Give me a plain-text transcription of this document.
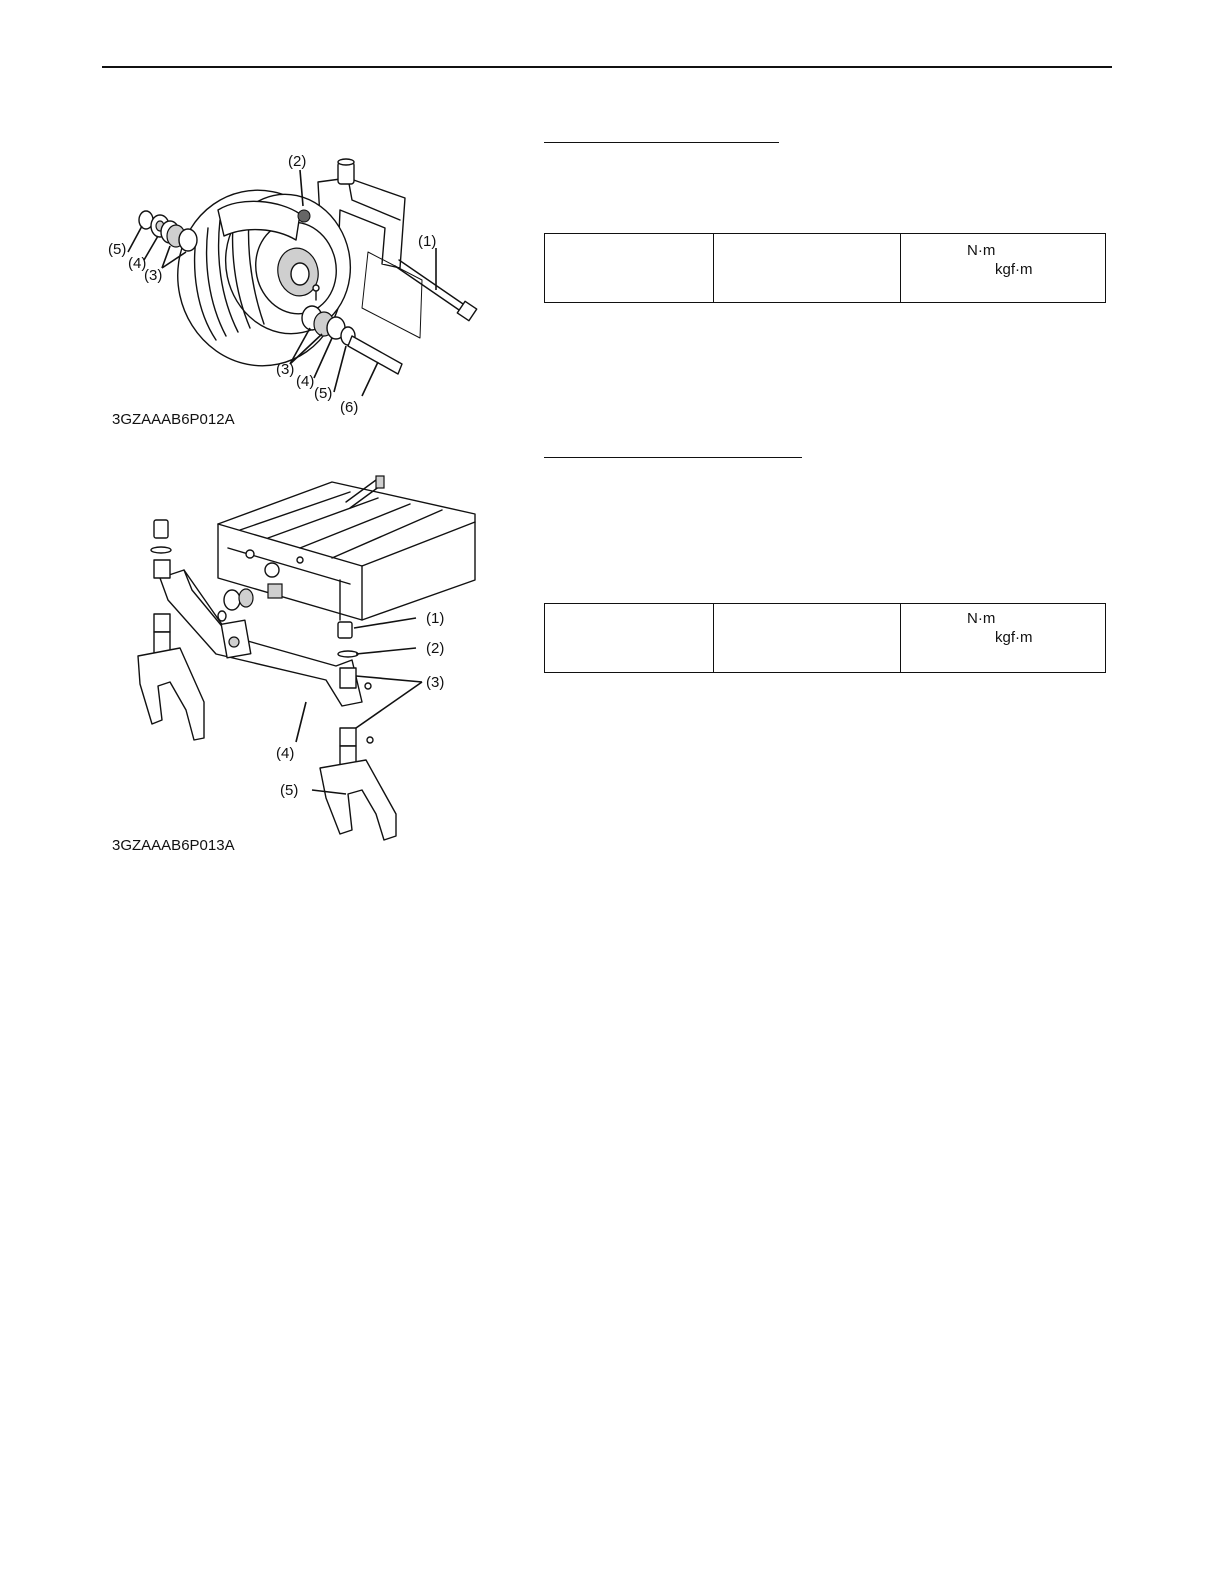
(1)
(2)
(3)
(3)
(4)
(4)
(5)
(5)
(6)
3GZAAAB6P012A
(1)
(2)
(3)
(4)
(5)
3GZAAAB6P013A

N·m
kgf·m

N·m
kgf·m
